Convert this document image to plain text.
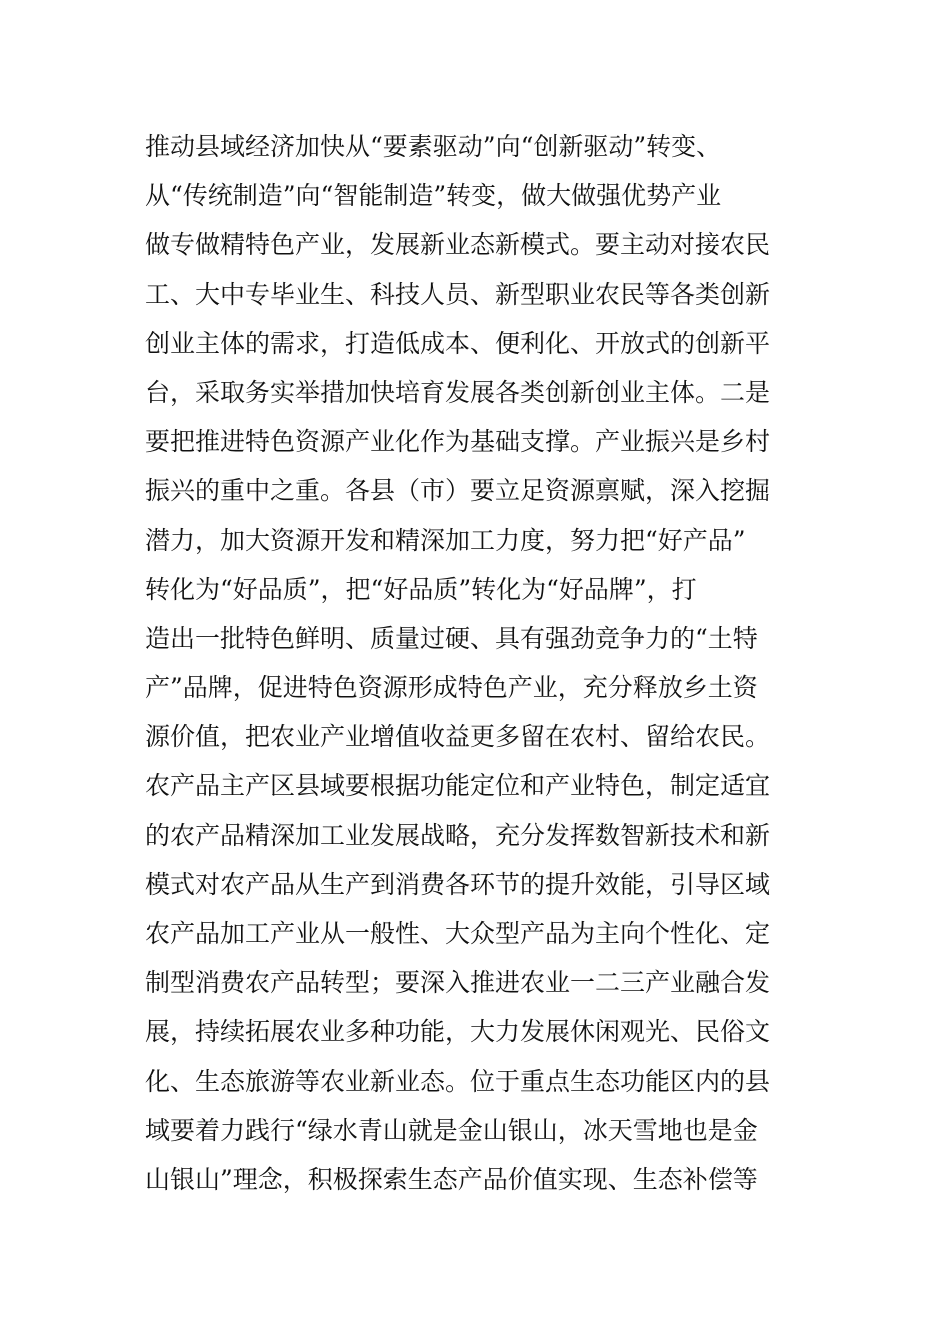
推动县域经济加快从“要素驱动”向“创新驱动”转变、
从“传统制造”向“智能制造”转变，做大做强优势产业
做专做精特色产业，发展新业态新模式。要主动对接农民
工、大中专毕业生、科技人员、新型职业农民等各类创新
创业主体的需求，打造低成本、便利化、开放式的创新平
台，采取务实举措加快培育发展各类创新创业主体。二是
要把推进特色资源产业化作为基础支撑。产业振兴是乡村
振兴的重中之重。各县（市）要立足资源禀赋，深入挖掘
潜力，加大资源开发和精深加工力度，努力把“好产品”
转化为“好品质”，把“好品质”转化为“好品牌”，打
造出一批特色鲜明、质量过硬、具有强劲竞争力的“土特
产”品牌，促进特色资源形成特色产业，充分释放乡土资
源价值，把农业产业增值收益更多留在农村、留给农民。
农产品主产区县域要根据功能定位和产业特色，制定适宜
的农产品精深加工业发展战略，充分发挥数智新技术和新
模式对农产品从生产到消费各环节的提升效能，引导区域
农产品加工产业从一般性、大众型产品为主向个性化、定
制型消费农产品转型；要深入推进农业一二三产业融合发
展，持续拓展农业多种功能，大力发展休闲观光、民俗文
化、生态旅游等农业新业态。位于重点生态功能区内的县
域要着力践行“绿水青山就是金山银山，冰天雪地也是金
山银山”理念，积极探索生态产品价值实现、生态补偿等
